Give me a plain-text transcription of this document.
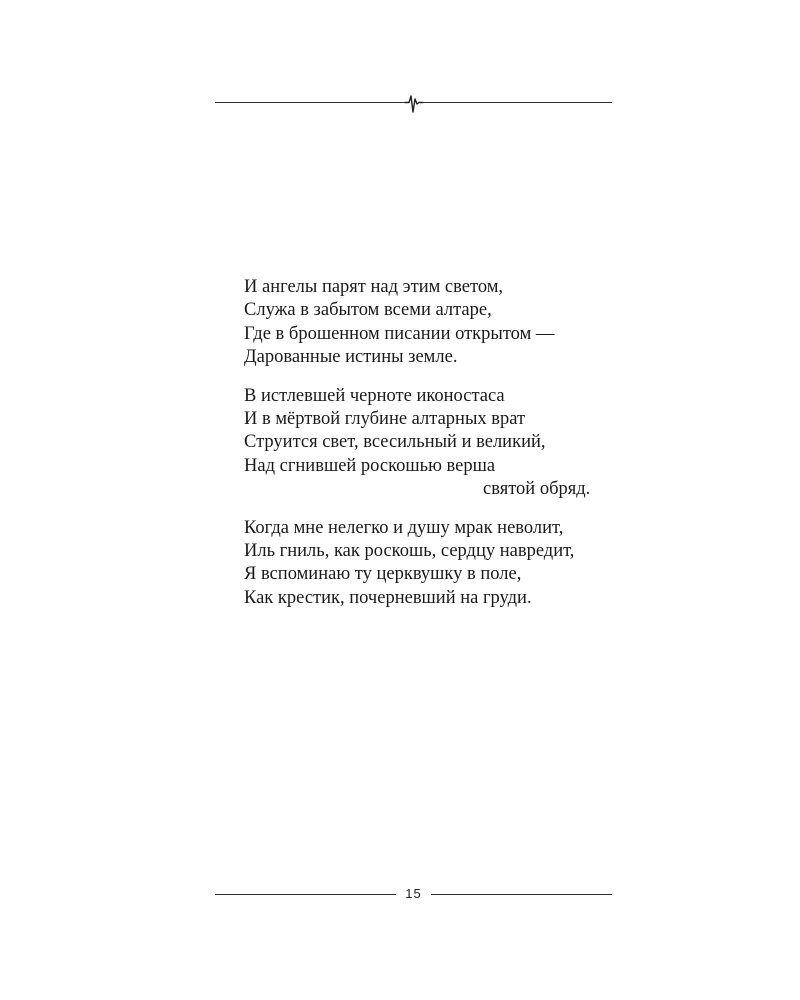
И ангелы парят над этим светом,
Служа в забытом всеми алтаре,
Где в брошенном писании открытом —
Дарованные истины земле.
В истлевшей черноте иконостаса
И в мёртвой глубине алтарных врат
Струится свет, всесильный и великий,
Над сгнившей роскошью верша
святой обряд.
Когда мне нелегко и душу мрак неволит,
Иль гниль, как роскошь, сердцу навредит,
Я вспоминаю ту церквушку в поле,
Как крестик, почерневший на груди.
15
